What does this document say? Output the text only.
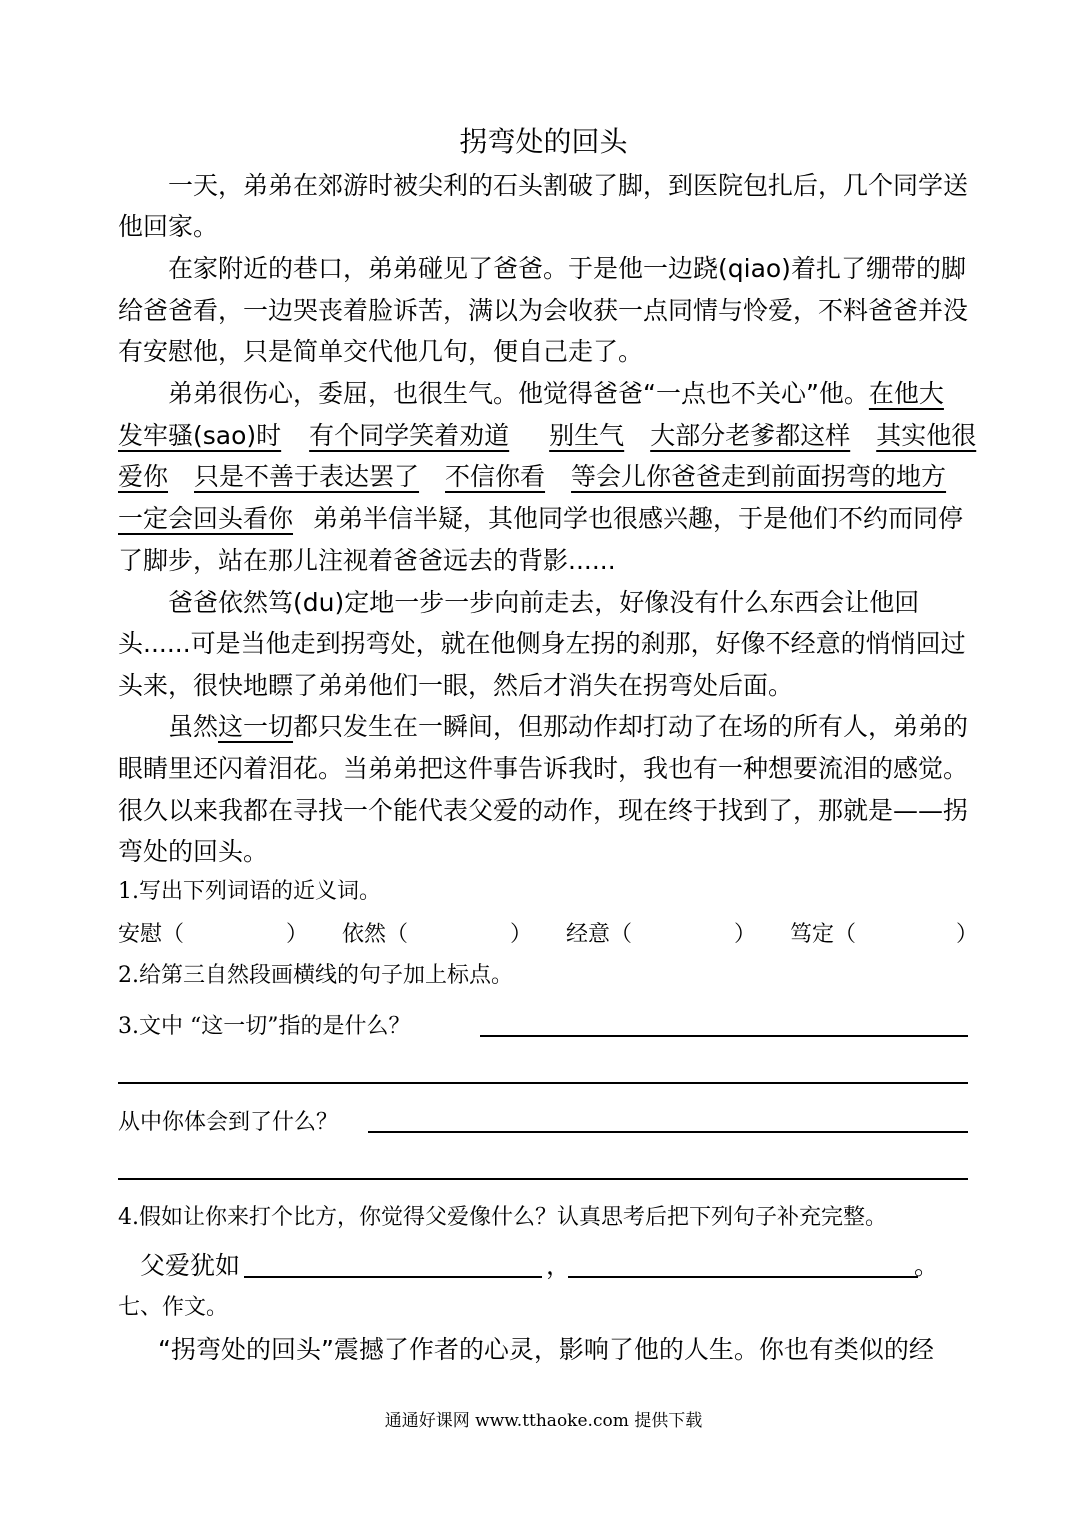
拐弯处的回头
一天，弟弟在郊游时被尖利的石头割破了脚，到医院包扎后，几个同学送
他回家。
在家附近的巷口，弟弟碰见了爸爸。于是他一边跷(qiao)着扎了绷带的脚
给爸爸看，一边哭丧着脸诉苦，满以为会收获一点同情与怜爱，不料爸爸并没
有安慰他，只是简单交代他几句，便自己走了。
弟弟很伤心，委屈，也很生气。他觉得爸爸“一点也不关心”他。在他大
发牢骚(sao)时 有个同学笑着劝道 别生气 大部分老爹都这样 其实他很
爱你 只是不善于表达罢了 不信你看 等会儿你爸爸走到前面拐弯的地方
一定会回头看你 弟弟半信半疑，其他同学也很感兴趣，于是他们不约而同停
了脚步，站在那儿注视着爸爸远去的背影......
爸爸依然笃(du)定地一步一步向前走去，好像没有什么东西会让他回
头......可是当他走到拐弯处，就在他侧身左拐的刹那，好像不经意的悄悄回过
头来，很快地瞟了弟弟他们一眼，然后才消失在拐弯处后面。
虽然这一切都只发生在一瞬间，但那动作却打动了在场的所有人，弟弟的
眼睛里还闪着泪花。当弟弟把这件事告诉我时，我也有一种想要流泪的感觉。
很久以来我都在寻找一个能代表父爱的动作，现在终于找到了，那就是——拐
弯处的回头。
1.写出下列词语的近义词。
安慰（	） 依然（	） 经意（	） 笃定（	）
2.给第三自然段画横线的句子加上标点。
3.文中 “这一切”指的是什么？
从中你体会到了什么？
4.假如让你来打个比方，你觉得父爱像什么？认真思考后把下列句子补充完整。
父爱犹如	，	。
七、作文。
“拐弯处的回头”震撼了作者的心灵，影响了他的人生。你也有类似的经
通通好课网 www.tthaoke.com 提供下载
